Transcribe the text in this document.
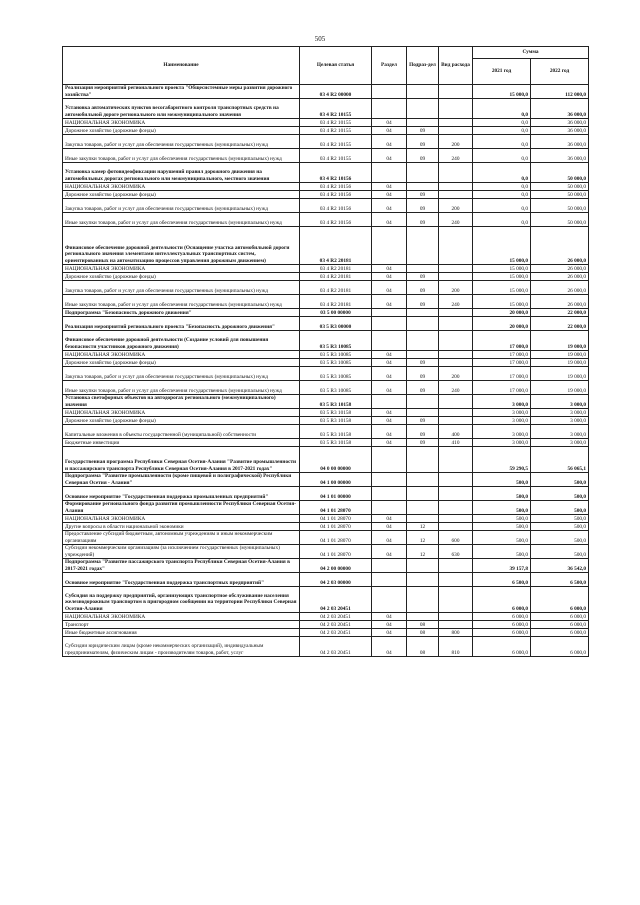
505
Наименование	Целевая статья	Раздел	Подраз-дел	Вид расхода	Сумма	
					2021 год	2022 год
Реализация мероприятий регионального проекта "Общесистемные меры развития дорожного хозяйства"	03 4 R2 00000				15 000,0	112 000,0
Установка автоматических пунктов весогабаритного контроля транспортных средств на автомобильной дороге регионального или межмуниципального значения	03 4 R2 10155				0,0	36 000,0
НАЦИОНАЛЬНАЯ ЭКОНОМИКА	03 4 R2 10155	04			0,0	36 000,0
Дорожное хозяйство (дорожные фонды)	03 4 R2 10155	04	09		0,0	36 000,0
Закупка товаров, работ и услуг для обеспечения государственных (муниципальных) нужд	03 4 R2 10155	04	09	200	0,0	36 000,0
Иные закупки товаров, работ и услуг для обеспечения государственных (муниципальных) нужд	03 4 R2 10155	04	09	240	0,0	36 000,0
Установка камер фотовидеофиксации нарушений правил дорожного движения на автомобильных дорогах регионального или межмуниципального, местного значения	03 4 R2 10156				0,0	50 000,0
НАЦИОНАЛЬНАЯ ЭКОНОМИКА	03 4 R2 10156	04			0,0	50 000,0
Дорожное хозяйство (дорожные фонды)	03 4 R2 10156	04	09		0,0	50 000,0
Закупка товаров, работ и услуг для обеспечения государственных (муниципальных) нужд	03 4 R2 10156	04	09	200	0,0	50 000,0
Иные закупки товаров, работ и услуг для обеспечения государственных (муниципальных) нужд	03 4 R2 10156	04	09	240	0,0	50 000,0
Финансовое обеспечение дорожной деятельности (Оснащение участка автомобильной дороги регионального значения элементами интеллектуальных транспортных систем, ориентированных на автоматизацию процессов управления дорожным движением)	03 4 R2 20181				15 000,0	26 000,0
НАЦИОНАЛЬНАЯ ЭКОНОМИКА	03 4 R2 20181	04			15 000,0	26 000,0
Дорожное хозяйство (дорожные фонды)	03 4 R2 20181	04	09		15 000,0	26 000,0
Закупка товаров, работ и услуг для обеспечения государственных (муниципальных) нужд	03 4 R2 20181	04	09	200	15 000,0	26 000,0
Иные закупки товаров, работ и услуг для обеспечения государственных (муниципальных) нужд	03 4 R2 20181	04	09	240	15 000,0	26 000,0
Подпрограмма "Безопасность дорожного движения"	03 5 00 00000				20 000,0	22 000,0
Реализация мероприятий регионального проекта "Безопасность дорожного движения"	03 5 R3 00000				20 000,0	22 000,0
Финансовое обеспечение дорожной деятельности (Создание условий для повышения безопасности участников дорожного движения)	03 5 R3 10085				17 000,0	19 000,0
НАЦИОНАЛЬНАЯ ЭКОНОМИКА	03 5 R3 10085	04			17 000,0	19 000,0
Дорожное хозяйство (дорожные фонды)	03 5 R3 10085	04	09		17 000,0	19 000,0
Закупка товаров, работ и услуг для обеспечения государственных (муниципальных) нужд	03 5 R3 10085	04	09	200	17 000,0	19 000,0
Иные закупки товаров, работ и услуг для обеспечения государственных (муниципальных) нужд	03 5 R3 10085	04	09	240	17 000,0	19 000,0
Установка светофорных объектов на автодорогах регионального (межмуниципального) значения	03 5 R3 10158				3 000,0	3 000,0
НАЦИОНАЛЬНАЯ ЭКОНОМИКА	03 5 R3 10158	04			3 000,0	3 000,0
Дорожное хозяйство (дорожные фонды)	03 5 R3 10158	04	09		3 000,0	3 000,0
Капитальные вложения в объекты государственной (муниципальной) собственности	03 5 R3 10158	04	09	400	3 000,0	3 000,0
Бюджетные инвестиции	03 5 R3 10158	04	09	410	3 000,0	3 000,0
Государственная программа Республики Северная Осетия-Алания "Развитие промышленности и пассажирского транспорта Республики Северная Осетия-Алания в 2017-2021 годах"	04 0 00 00000				59 290,5	56 065,1
Подпрограмма "Развитие промышленности (кроме пищевой и полиграфической) Республики Северная Осетия - Алания"	04 1 00 00000				500,0	500,0
Основное мероприятие "Государственная поддержка промышленных предприятий"	04 1 01 00000				500,0	500,0
Формирование регионального фонда развития промышленности Республики Северная Осетия-Алания	04 1 01 28070				500,0	500,0
НАЦИОНАЛЬНАЯ ЭКОНОМИКА	04 1 01 28070	04			500,0	500,0
Другие вопросы в области национальной экономики	04 1 01 28070	04	12		500,0	500,0
Предоставление субсидий бюджетным, автономным учреждениям и иным некоммерческим организациям	04 1 01 28070	04	12	600	500,0	500,0
Субсидии некоммерческим организациям (за исключением государственных (муниципальных) учреждений)	04 1 01 28070	04	12	630	500,0	500,0
Подпрограмма "Развитие пассажирского транспорта Республики Северная Осетия-Алания в 2017-2021 годах"	04 2 00 00000				39 157,8	36 542,0
Основное мероприятие "Государственная поддержка транспортных предприятий"	04 2 03 00000				6 500,0	6 500,0
Субсидия на поддержку предприятий, организующих транспортное обслуживание населения железнодорожным транспортом в пригородном сообщении на территории Республики Северная Осетия-Алания	04 2 03 20451				6 000,0	6 000,0
НАЦИОНАЛЬНАЯ ЭКОНОМИКА	04 2 03 20451	04			6 000,0	6 000,0
Транспорт	04 2 03 20451	04	08		6 000,0	6 000,0
Иные бюджетные ассигнования	04 2 03 20451	04	08	800	6 000,0	6 000,0
Субсидии юридическим лицам (кроме некоммерческих организаций), индивидуальным предпринимателям, физическим лицам - производителям товаров, работ, услуг	04 2 03 20451	04	08	810	6 000,0	6 000,0
